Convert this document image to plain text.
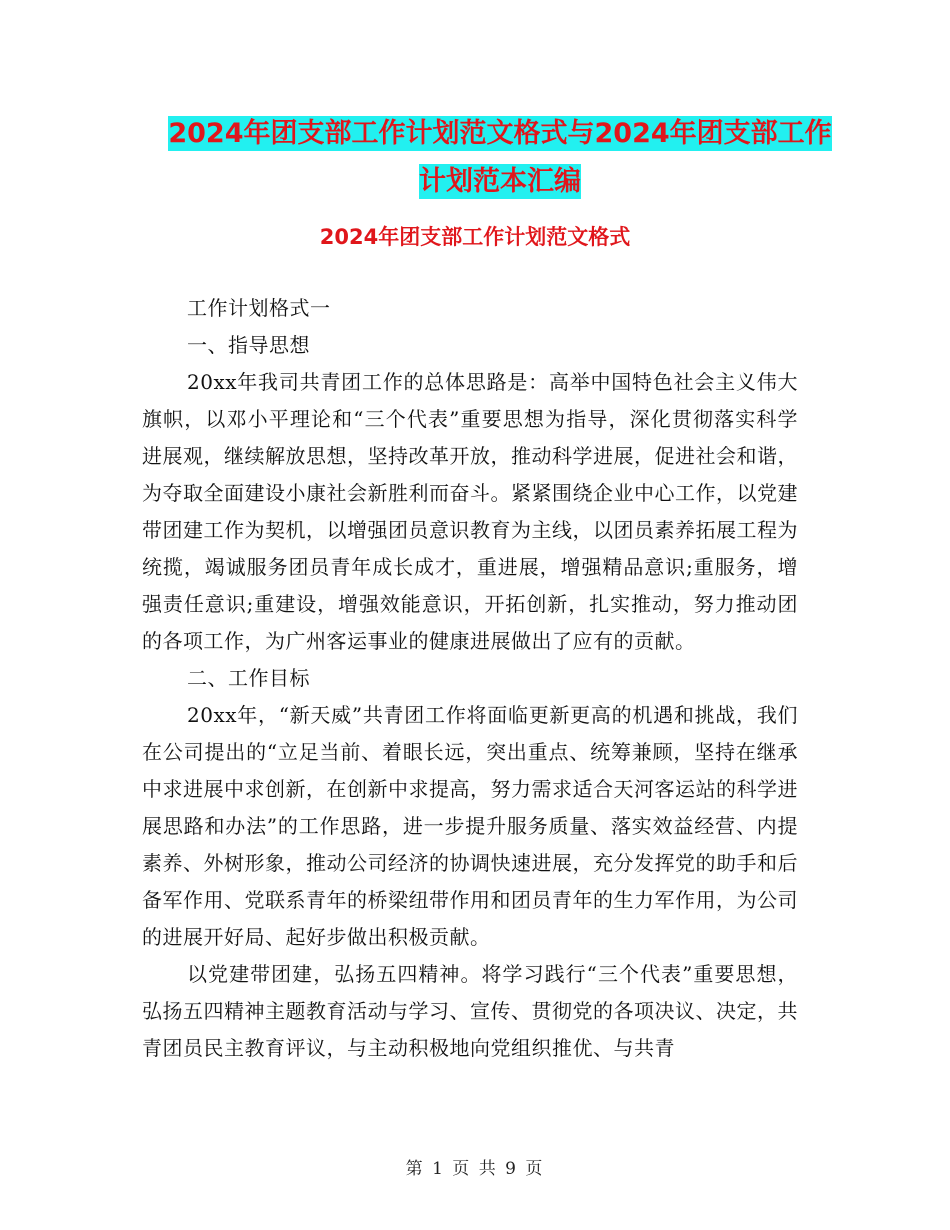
2024年团支部工作计划范文格式与2024年团支部工作
计划范本汇编
2024年团支部工作计划范文格式

工作计划格式一

一、指导思想

20xx年我司共青团工作的总体思路是：高举中国特色社会主义伟大旗帜，以邓小平理论和“三个代表”重要思想为指导，深化贯彻落实科学进展观，继续解放思想，坚持改革开放，推动科学进展，促进社会和谐，为夺取全面建设小康社会新胜利而奋斗。紧紧围绕企业中心工作，以党建带团建工作为契机，以增强团员意识教育为主线，以团员素养拓展工程为统揽，竭诚服务团员青年成长成才，重进展，增强精品意识;重服务，增强责任意识;重建设，增强效能意识，开拓创新，扎实推动，努力推动团的各项工作，为广州客运事业的健康进展做出了应有的贡献。

二、工作目标

20xx年，“新天威”共青团工作将面临更新更高的机遇和挑战，我们在公司提出的“立足当前、着眼长远，突出重点、统筹兼顾，坚持在继承中求进展中求创新，在创新中求提高，努力需求适合天河客运站的科学进展思路和办法”的工作思路，进一步提升服务质量、落实效益经营、内提素养、外树形象，推动公司经济的协调快速进展，充分发挥党的助手和后备军作用、党联系青年的桥梁纽带作用和团员青年的生力军作用，为公司的进展开好局、起好步做出积极贡献。

以党建带团建，弘扬五四精神。将学习践行“三个代表”重要思想，弘扬五四精神主题教育活动与学习、宣传、贯彻党的各项决议、决定，共青团员民主教育评议，与主动积极地向党组织推优、与共青

第 1 页 共 9 页
